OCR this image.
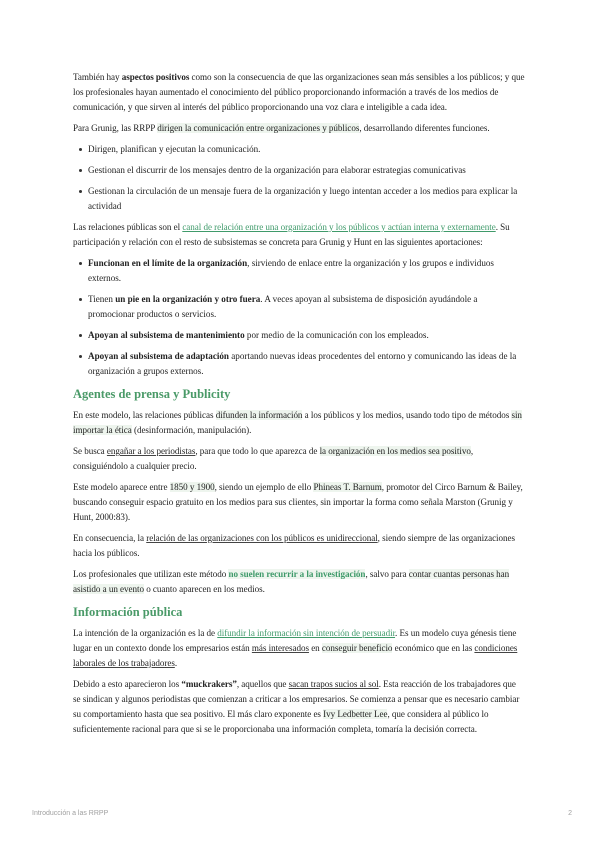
También hay aspectos positivos como son la consecuencia de que las organizaciones sean más sensibles a los públicos; y que los profesionales hayan aumentado el conocimiento del público proporcionando información a través de los medios de comunicación, y que sirven al interés del público proporcionando una voz clara e inteligible a cada idea.

Para Grunig, las RRPP dirigen la comunicación entre organizaciones y públicos, desarrollando diferentes funciones.

Dirigen, planifican y ejecutan la comunicación.
Gestionan el discurrir de los mensajes dentro de la organización para elaborar estrategias comunicativas
Gestionan la circulación de un mensaje fuera de la organización y luego intentan acceder a los medios para explicar la actividad

Las relaciones públicas son el canal de relación entre una organización y los públicos y actúan interna y externamente. Su participación y relación con el resto de subsistemas se concreta para Grunig y Hunt en las siguientes aportaciones:

Funcionan en el límite de la organización, sirviendo de enlace entre la organización y los grupos e individuos externos.
Tienen un pie en la organización y otro fuera. A veces apoyan al subsistema de disposición ayudándole a promocionar productos o servicios.
Apoyan al subsistema de mantenimiento por medio de la comunicación con los empleados.
Apoyan al subsistema de adaptación aportando nuevas ideas procedentes del entorno y comunicando las ideas de la organización a grupos externos.
Agentes de prensa y Publicity

En este modelo, las relaciones públicas difunden la información a los públicos y los medios, usando todo tipo de métodos sin importar la ética (desinformación, manipulación).

Se busca engañar a los periodistas, para que todo lo que aparezca de la organización en los medios sea positivo, consiguiéndolo a cualquier precio.

Este modelo aparece entre 1850 y 1900, siendo un ejemplo de ello Phineas T. Barnum, promotor del Circo Barnum & Bailey, buscando conseguir espacio gratuito en los medios para sus clientes, sin importar la forma como señala Marston (Grunig y Hunt, 2000:83).

En consecuencia, la relación de las organizaciones con los públicos es unidireccional, siendo siempre de las organizaciones hacia los públicos.

Los profesionales que utilizan este método no suelen recurrir a la investigación, salvo para contar cuantas personas han asistido a un evento o cuanto aparecen en los medios.

Información pública

La intención de la organización es la de difundir la información sin intención de persuadir. Es un modelo cuya génesis tiene lugar en un contexto donde los empresarios están más interesados en conseguir beneficio económico que en las condiciones laborales de los trabajadores.

Debido a esto aparecieron los “muckrakers”, aquellos que sacan trapos sucios al sol. Esta reacción de los trabajadores que se sindican y algunos periodistas que comienzan a criticar a los empresarios. Se comienza a pensar que es necesario cambiar su comportamiento hasta que sea positivo. El más claro exponente es Ivy Ledbetter Lee, que considera al público lo suficientemente racional para que si se le proporcionaba una información completa, tomaría la decisión correcta.

Introducción a las RRPP	2
